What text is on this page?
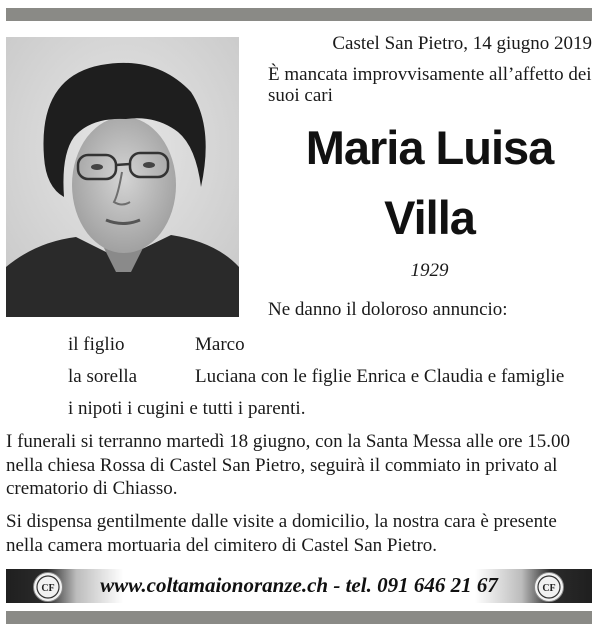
Castel San Pietro, 14 giugno 2019
È mancata improvvisamente all’affetto dei suoi cari
Maria Luisa
Villa
1929
Ne danno il doloroso annuncio:
il figlio	Marco
la sorella	Luciana con le figlie Enrica e Claudia e famiglie
i nipoti i cugini e tutti i parenti.
I funerali si terranno martedì 18 giugno, con la Santa Messa alle ore 15.00 nella chiesa Rossa di Castel San Pietro, seguirà il commiato in privato al crematorio di Chiasso.
Si dispensa gentilmente dalle visite a domicilio, la nostra cara è presente nella camera mortuaria del cimitero di Castel San Pietro.
CF	www.coltamaionoranze.ch - tel. 091 646 21 67	CF
